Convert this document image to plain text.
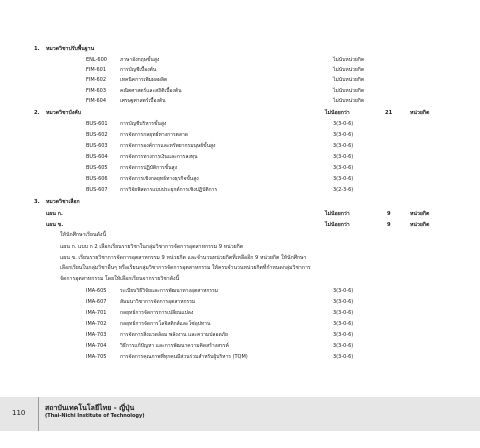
1. หมวดวิชาปรับพื้นฐาน
ENL-600	ภาษาอังกฤษขั้นสูง	ไม่นับหน่วยกิต
FIM-601	การบัญชีเบื้องต้น	ไม่นับหน่วยกิต
FIM-602	เทคนิคการเพิ่มผลผลิต	ไม่นับหน่วยกิต
FIM-603	คณิตศาสตร์และสถิติเบื้องต้น	ไม่นับหน่วยกิต
FIM-604	เศรษฐศาสตร์เบื้องต้น	ไม่นับหน่วยกิต
2. หมวดวิชาบังคับ	ไม่น้อยกว่า	21	หน่วยกิต
BUS-601 การบัญชีบริหารขั้นสูง	3(3-0-6)
BUS-602 การจัดการกลยุทธ์ทางการตลาด	3(3-0-6)
BUS-603 การจัดการองค์การและทรัพยากรมนุษย์ขั้นสูง	3(3-0-6)
BUS-604 การจัดการทางการเงินและการลงทุน	3(3-0-6)
BUS-605 การจัดการปฏิบัติการขั้นสูง	3(3-0-6)
BUS-606 การจัดการเชิงกลยุทธ์ทางธุรกิจขั้นสูง	3(3-0-6)
BUS-607 การวิจัยพิสดารแบบประยุกต์การเชิงปฏิบัติการ	3(2-3-6)
3. หมวดวิชาเลือก
แผน ก.	ไม่น้อยกว่า	9	หน่วยกิต
แผน ข.	ไม่น้อยกว่า	9	หน่วยกิต
ให้นักศึกษาเรียนดังนี้
แผน ก. แบบ ก 2 เลือกเรียนรายวิชาในกลุ่มวิชาการจัดการอุตสาหกรรม 9 หน่วยกิต
แผน ข. เรียนรายวิชาการจัดการอุตสาหกรรม 9 หน่วยกิต และจำนวนหน่วยกิตที่เหลืออีก 9 หน่วยกิต ให้นักศึกษา
เลือกเรียนในกลุ่มวิชาอื่นๆ หรือเรียนกลุ่มวิชาการจัดการอุตสาหกรรม ให้ครบจำนวนหน่วยกิตที่กำหนดกลุ่มวิชาการ
จัดการอุตสาหกรรม โดยให้เลือกเรียนจากรายวิชาดังนี้
IMA-605	ระเบียบวิธีวิจัยและการพัฒนาทางอุตสาหกรรม	3(3-0-6)
IMA-607	สัมมนาวิชาการจัดการอุตสาหกรรม	3(3-0-6)
IMA-701	กลยุทธ์การจัดการการเปลี่ยนแปลง	3(3-0-6)
IMA-702	กลยุทธ์การจัดการโลจิสติกส์และโซ่อุปทาน	3(3-0-6)
IMA-703	การจัดการสิ่งแวดล้อม พลังงาน และความปลอดภัย	3(3-0-6)
IMA-704	วิธีการแก้ปัญหา และการพัฒนาความคิดสร้างสรรค์	3(3-0-6)
IMA-705	การจัดการคุณภาพที่ทุกคนมีส่วนร่วมสำหรับผู้บริหาร (TQM)	3(3-0-6)
110
สถาบันเทคโนโลยีไทย - ญี่ปุ่น
(Thai-Nichi Institute of Technology)
